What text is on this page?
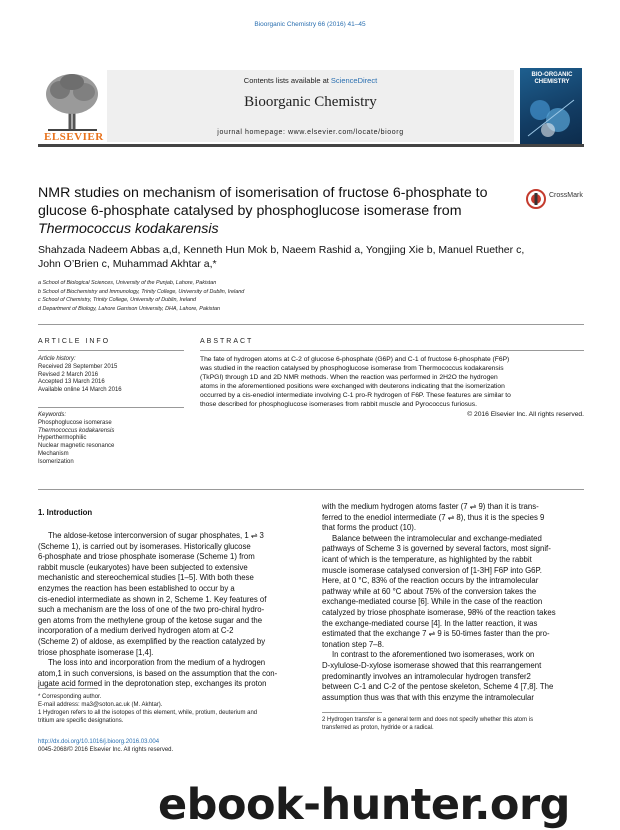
Bioorganic Chemistry 66 (2016) 41–45
ELSEVIER
Contents lists available at ScienceDirect
Bioorganic Chemistry
journal homepage: www.elsevier.com/locate/bioorg
BIO-ORGANIC CHEMISTRY
NMR studies on mechanism of isomerisation of fructose 6-phosphate to
glucose 6-phosphate catalysed by phosphoglucose isomerase from
Thermococcus kodakarensis
CrossMark
Shahzada Nadeem Abbas a,d, Kenneth Hun Mok b, Naeem Rashid a, Yongjing Xie b, Manuel Ruether c,
John O’Brien c, Muhammad Akhtar a,*
a School of Biological Sciences, University of the Punjab, Lahore, Pakistan
b School of Biochemistry and Immunology, Trinity College, University of Dublin, Ireland
c School of Chemistry, Trinity College, University of Dublin, Ireland
d Department of Biology, Lahore Garrison University, DHA, Lahore, Pakistan
ARTICLE INFO
Article history:
Received 28 September 2015
Revised 2 March 2016
Accepted 13 March 2016
Available online 14 March 2016
Keywords:
Phosphoglucose isomerase
Thermococcus kodakarensis
Hyperthermophilic
Nuclear magnetic resonance
Mechanism
Isomerization
ABSTRACT
The fate of hydrogen atoms at C-2 of glucose 6-phosphate (G6P) and C-1 of fructose 6-phosphate (F6P)
was studied in the reaction catalysed by phosphoglucose isomerase from Thermococcus kodakarensis
(TkPGI) through 1D and 2D NMR methods. When the reaction was performed in 2H2O the hydrogen
atoms in the aforementioned positions were exchanged with deuterons indicating that the isomerization
occurred by a cis-enediol intermediate involving C-1 pro-R hydrogen of F6P. These features are similar to
those described for phosphoglucose isomerases from rabbit muscle and Pyrococcus furiosus.
© 2016 Elsevier Inc. All rights reserved.
1. Introduction
The aldose-ketose interconversion of sugar phosphates, 1 ⇌ 3
(Scheme 1), is carried out by isomerases. Historically glucose
6-phosphate and triose phosphate isomerase (Scheme 1) from
rabbit muscle (eukaryotes) have been subjected to extensive
mechanistic and stereochemical studies [1–5]. With both these
enzymes the reaction has been established to occur by a
cis-enediol intermediate as shown in 2, Scheme 1. Key features of
such a mechanism are the loss of one of the two pro-chiral hydro-
gen atoms from the methylene group of the ketose sugar and the
incorporation of a medium derived hydrogen atom at C-2
(Scheme 2) of aldose, as exemplified by the reaction catalyzed by
triose phosphate isomerase [1,4].
The loss into and incorporation from the medium of a hydrogen
atom,1 in such conversions, is based on the assumption that the con-
jugate acid formed in the deprotonation step, exchanges its proton
* Corresponding author.
E-mail address: ma3@soton.ac.uk (M. Akhtar).
1 Hydrogen refers to all the isotopes of this element, while, protium, deuterium and
tritium are specific designations.
http://dx.doi.org/10.1016/j.bioorg.2016.03.004
0045-2068/© 2016 Elsevier Inc. All rights reserved.
with the medium hydrogen atoms faster (7 ⇌ 9) than it is trans-
ferred to the enediol intermediate (7 ⇌ 8), thus it is the species 9
that forms the product (10).
Balance between the intramolecular and exchange-mediated
pathways of Scheme 3 is governed by several factors, most signif-
icant of which is the temperature, as highlighted by the rabbit
muscle isomerase catalysed conversion of [1-3H] F6P into G6P.
Here, at 0 °C, 83% of the reaction occurs by the intramolecular
pathway while at 60 °C about 75% of the conversion takes the
exchange-mediated course [6]. While in the case of the reaction
catalyzed by triose phosphate isomerase, 98% of the reaction takes
the exchange-mediated course [4]. In the latter reaction, it was
estimated that the exchange 7 ⇌ 9 is 50-times faster than the pro-
tonation step 7–8.
In contrast to the aforementioned two isomerases, work on
D-xylulose-D-xylose isomerase showed that this rearrangement
predominantly involves an intramolecular hydrogen transfer2
between C-1 and C-2 of the pentose skeleton, Scheme 4 [7,8]. The
assumption thus was that with this enzyme the intramolecular
2 Hydrogen transfer is a general term and does not specify whether this atom is
transferred as proton, hydride or a radical.
ebook-hunter.org
